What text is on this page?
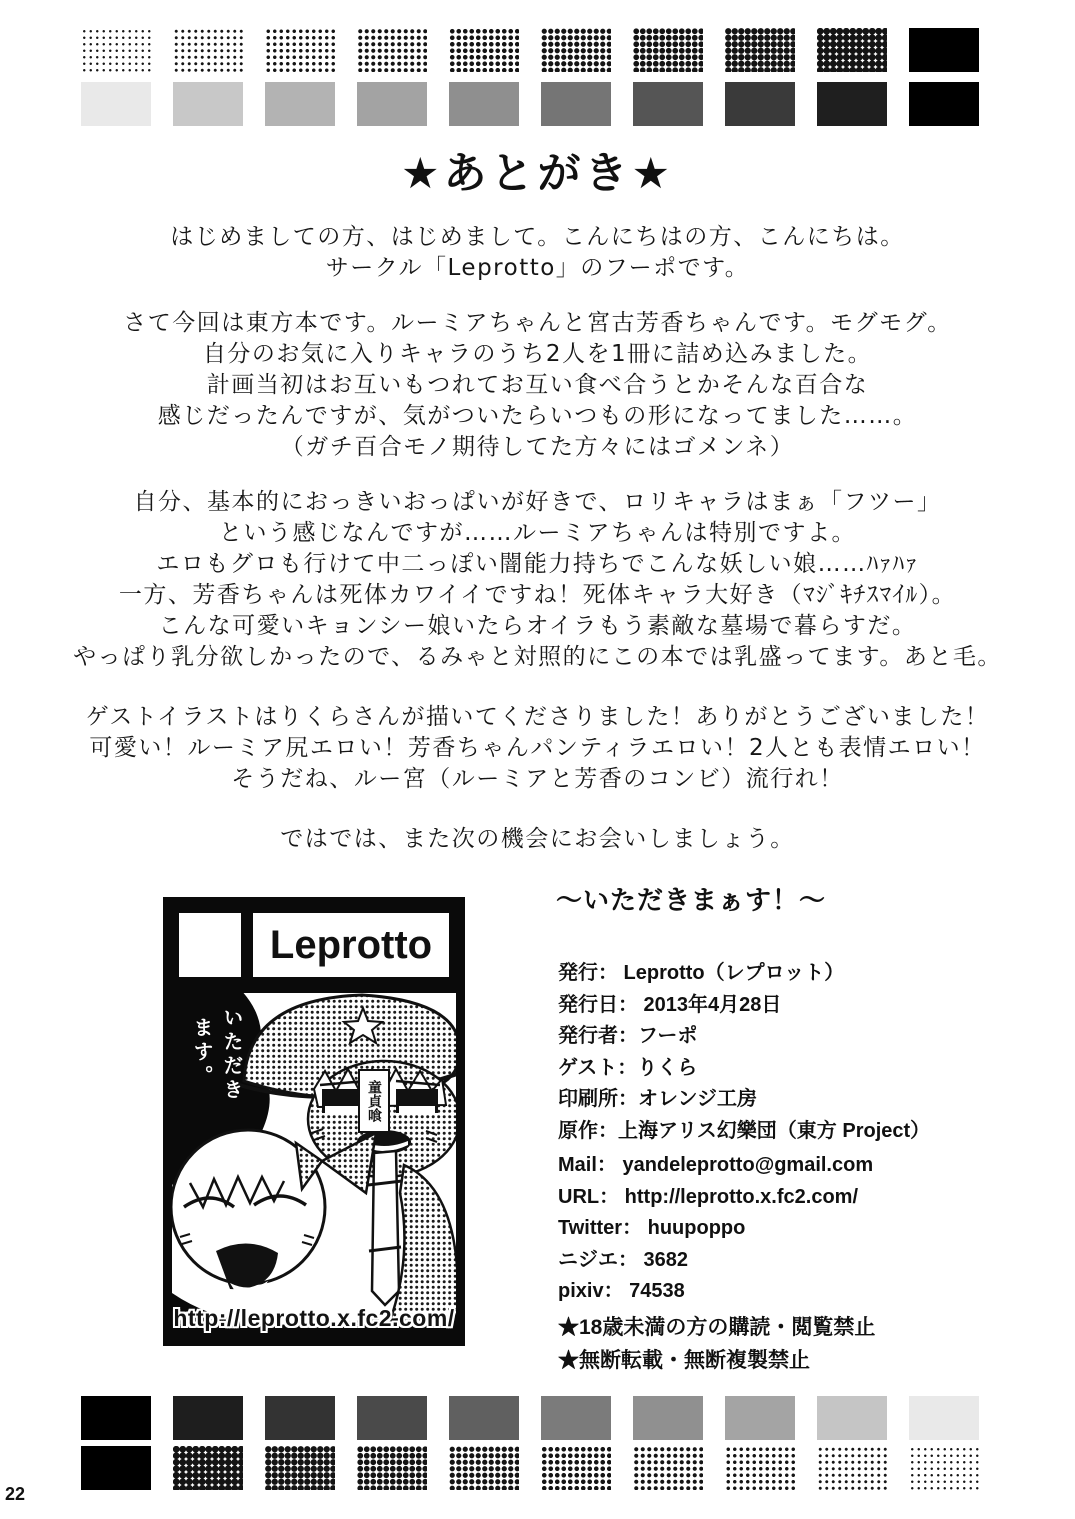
★あとがき★
はじめましての方、はじめまして。こんにちはの方、こんにちは。
サークル「Leprotto」のフーポです。
さて今回は東方本です。ルーミアちゃんと宮古芳香ちゃんです。モグモグ。
自分のお気に入りキャラのうち2人を1冊に詰め込みました。
計画当初はお互いもつれてお互い食べ合うとかそんな百合な
感じだったんですが、気がついたらいつもの形になってました……。
（ガチ百合モノ期待してた方々にはゴメンネ）
自分、基本的におっきいおっぱいが好きで、ロリキャラはまぁ「フツー」
という感じなんですが……ルーミアちゃんは特別ですよ。
エロもグロも行けて中二っぽい闇能力持ちでこんな妖しい娘……ﾊｧﾊｧ
一方、芳香ちゃんは死体カワイイですね！死体キャラ大好き（ﾏｼﾞｷﾁｽﾏｲﾙ）。
こんな可愛いキョンシー娘いたらオイラもう素敵な墓場で暮らすだ。
やっぱり乳分欲しかったので、るみゃと対照的にこの本では乳盛ってます。あと毛。
ゲストイラストはりくらさんが描いてくださりました！ありがとうございました！
可愛い！ルーミア尻エロい！芳香ちゃんパンティラエロい！2人とも表情エロい！
そうだね、ルー宮（ルーミアと芳香のコンビ）流行れ！
ではでは、また次の機会にお会いしましょう。
Leprotto
いただき
ます。
童貞喰
http://leprotto.x.fc2.com/
～いただきまぁす！～
発行： Leprotto（レプロット）
発行日： 2013年4月28日
発行者：フーポ
ゲスト：りくら
印刷所：オレンジ工房
原作：上海アリス幻樂団（東方 Project）
Mail： yandeleprotto@gmail.com
URL： http://leprotto.x.fc2.com/
Twitter： huupoppo
ニジエ： 3682
pixiv： 74538
★18歳未満の方の購読・閲覧禁止
★無断転載・無断複製禁止
22
